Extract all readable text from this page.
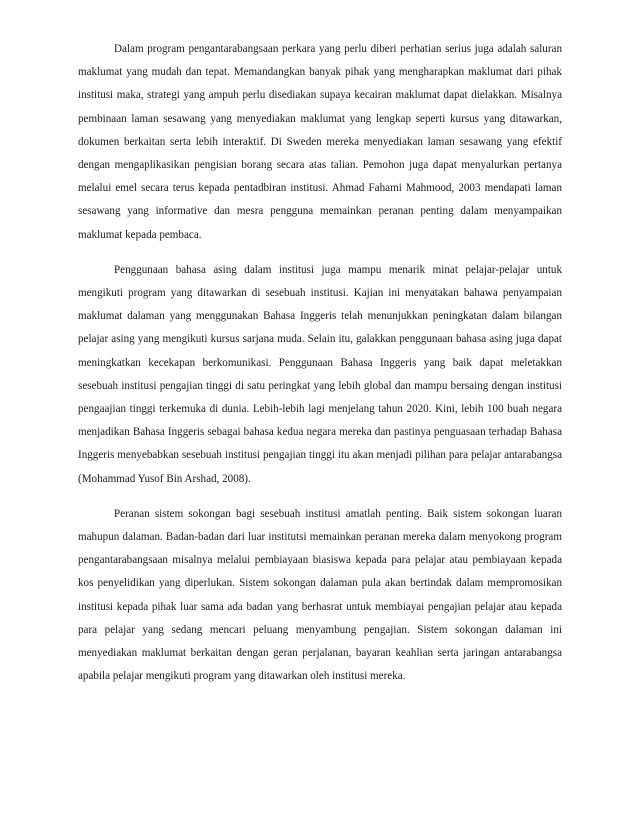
Dalam program pengantarabangsaan perkara yang perlu diberi perhatian serius juga adalah saluran maklumat yang mudah dan tepat. Memandangkan banyak pihak yang mengharapkan maklumat dari pihak institusi maka, strategi yang ampuh perlu disediakan supaya kecairan maklumat dapat dielakkan. Misalnya pembinaan laman sesawang yang menyediakan maklumat yang lengkap seperti kursus yang ditawarkan, dokumen berkaitan serta lebih interaktif. Di Sweden mereka menyediakan laman sesawang yang efektif dengan mengaplikasikan pengisian borang secara atas talian. Pemohon juga dapat menyalurkan pertanya melalui emel secara terus kepada pentadbiran institusi. Ahmad Fahami Mahmood, 2003 mendapati laman sesawang yang informative dan mesra pengguna memainkan peranan penting dalam menyampaikan maklumat kepada pembaca.

Penggunaan bahasa asing dalam institusi juga mampu menarik minat pelajar-pelajar untuk mengikuti program yang ditawarkan di sesebuah institusi. Kajian ini menyatakan bahawa penyampaian maklumat dalaman yang menggunakan Bahasa Inggeris telah menunjukkan peningkatan dalam bilangan pelajar asing yang mengikuti kursus sarjana muda. Selain itu, galakkan penggunaan bahasa asing juga dapat meningkatkan kecekapan berkomunikasi. Penggunaan Bahasa Inggeris yang baik dapat meletakkan sesebuah institusi pengajian tinggi di satu peringkat yang lebih global dan mampu bersaing dengan institusi pengaajian tinggi terkemuka di dunia. Lebih-lebih lagi menjelang tahun 2020. Kini, lebih 100 buah negara menjadikan Bahasa Inggeris sebagai bahasa kedua negara mereka dan pastinya penguasaan terhadap Bahasa Inggeris menyebabkan sesebuah institusi pengajian tinggi itu akan menjadi pilihan para pelajar antarabangsa (Mohammad Yusof Bin Arshad, 2008).

Peranan sistem sokongan bagi sesebuah institusi amatlah penting. Baik sistem sokongan luaran mahupun dalaman. Badan-badan dari luar institutsi memainkan peranan mereka dalam menyokong program pengantarabangsaan misalnya melalui pembiayaan biasiswa kepada para pelajar atau pembiayaan kepada kos penyelidikan yang diperlukan. Sistem sokongan dalaman pula akan bertindak dalam mempromosikan institusi kepada pihak luar sama ada badan yang berhasrat untuk membiayai pengajian pelajar atau kepada para pelajar yang sedang mencari peluang menyambung pengajian. Sistem sokongan dalaman ini menyediakan maklumat berkaitan dengan geran perjalanan, bayaran keahlian serta jaringan antarabangsa apabila pelajar mengikuti program yang ditawarkan oleh institusi mereka.
